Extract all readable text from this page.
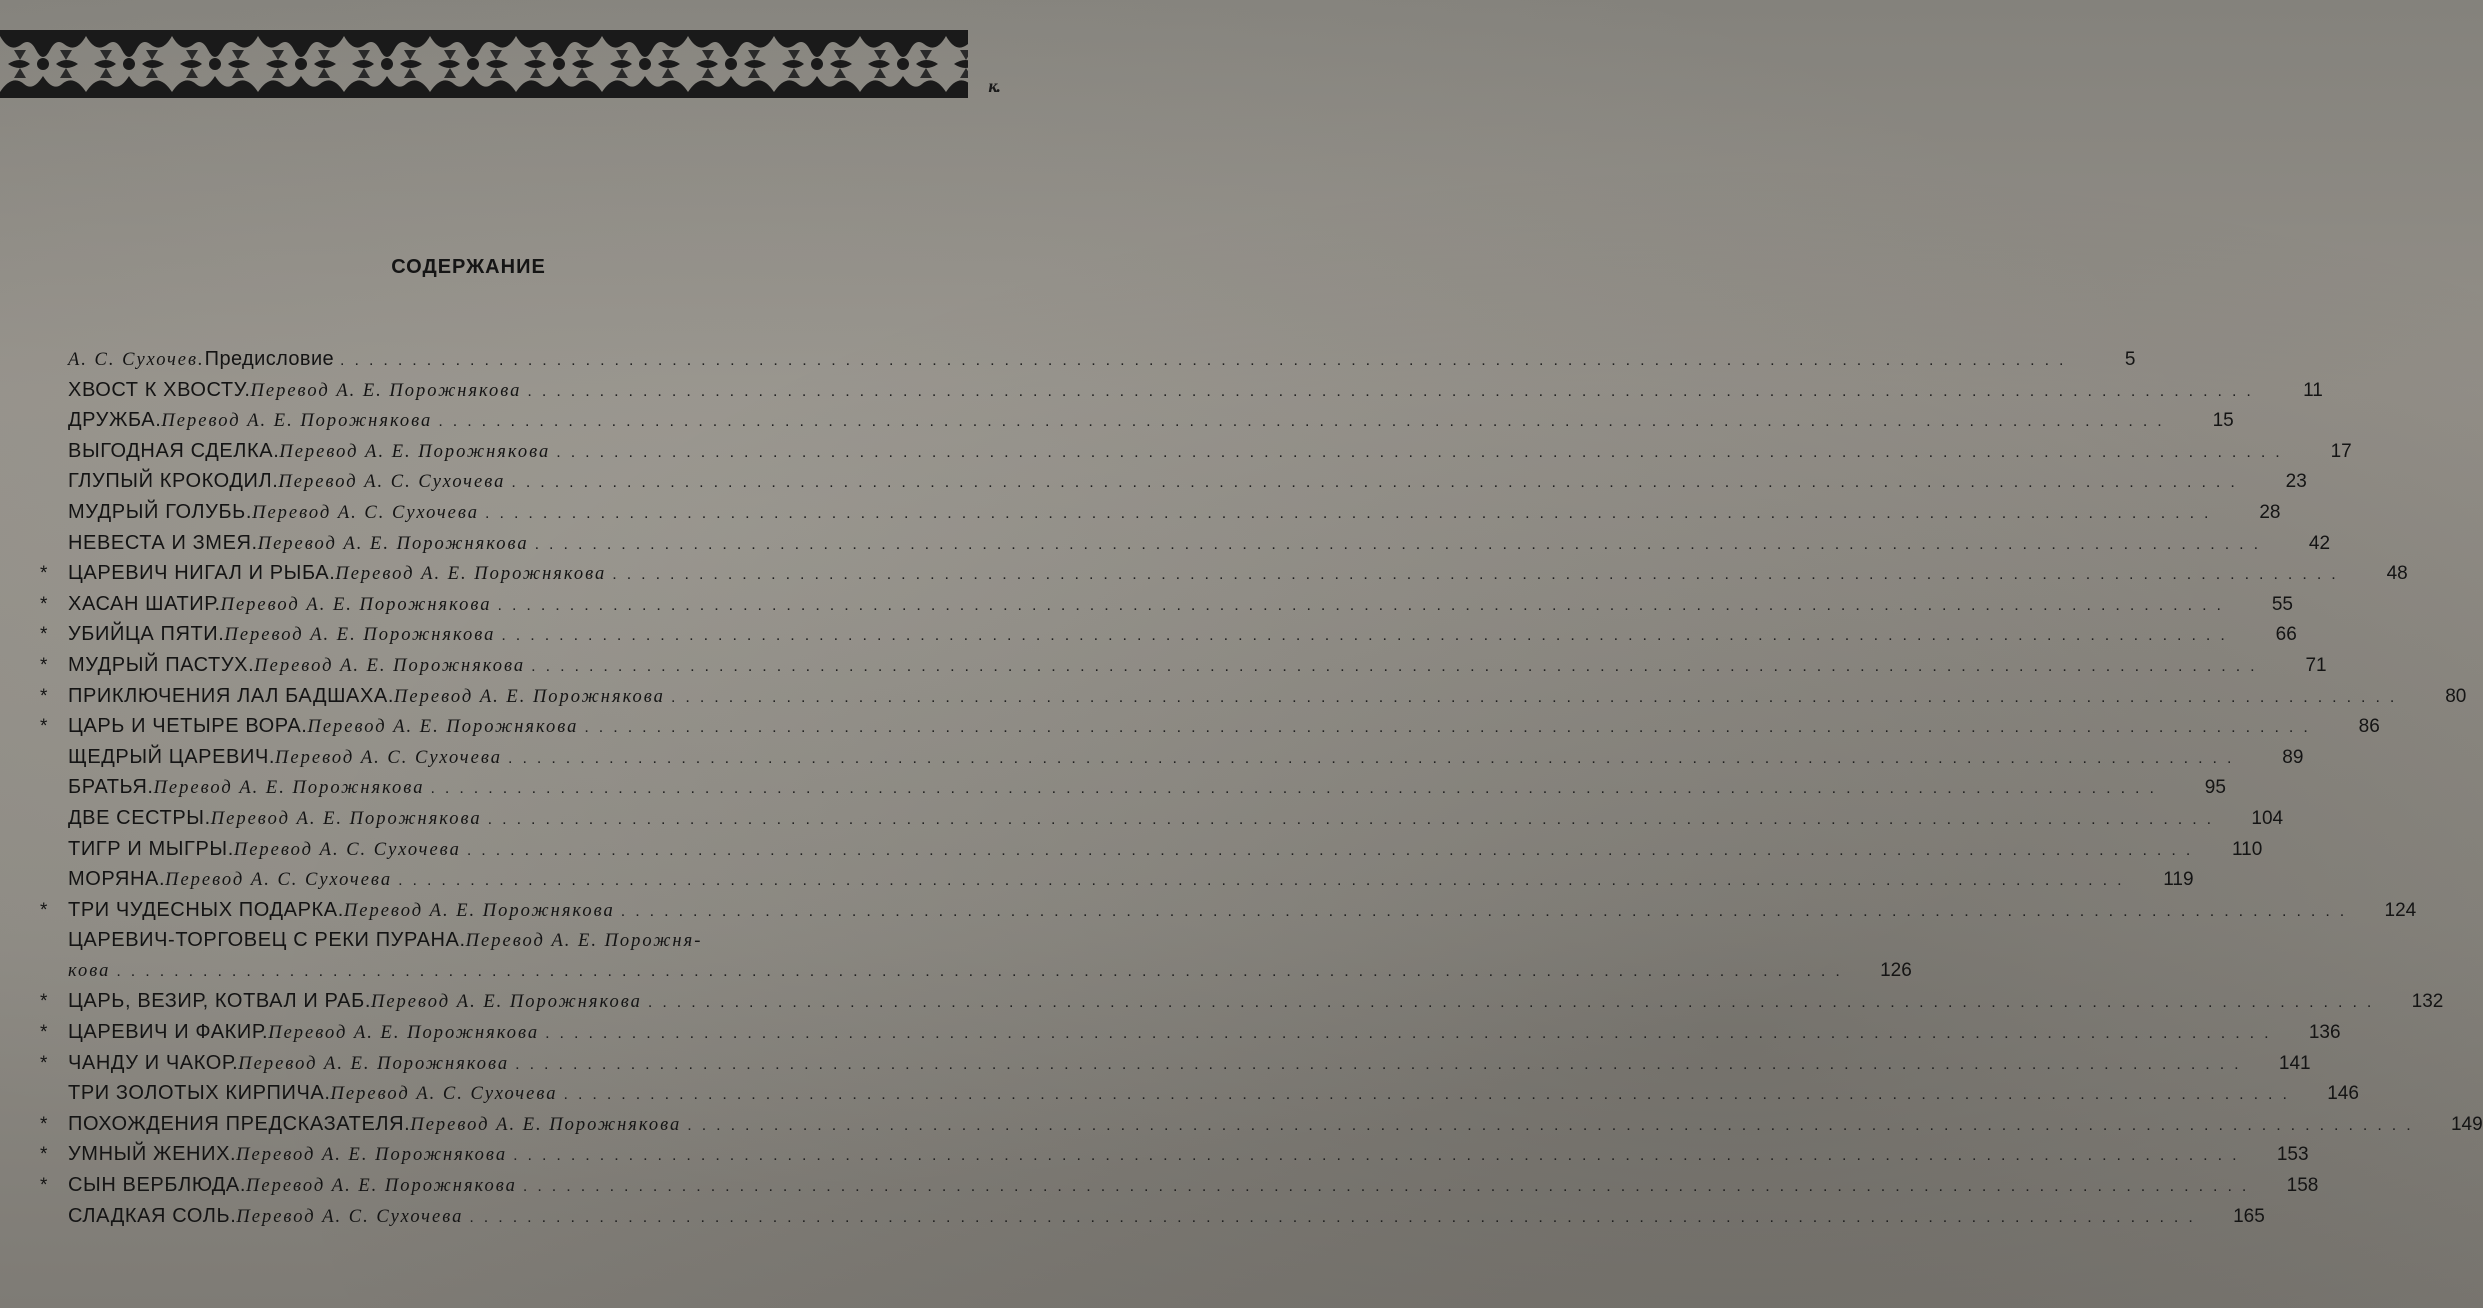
к.
СОДЕРЖАНИЕ
А. С. Сухочев. Предисловие ........................................................................................................................	5
ХВОСТ К ХВОСТУ. Перевод А. Е. Порожнякова ........................................................................................................................	11
ДРУЖБА. Перевод А. Е. Порожнякова ........................................................................................................................	15
ВЫГОДНАЯ СДЕЛКА. Перевод А. Е. Порожнякова ........................................................................................................................	17
ГЛУПЫЙ КРОКОДИЛ. Перевод А. С. Сухочева ........................................................................................................................	23
МУДРЫЙ ГОЛУБЬ. Перевод А. С. Сухочева ........................................................................................................................	28
НЕВЕСТА И ЗМЕЯ. Перевод А. Е. Порожнякова ........................................................................................................................	42
*	ЦАРЕВИЧ НИГАЛ И РЫБА. Перевод А. Е. Порожнякова ........................................................................................................................	48
*	ХАСАН ШАТИР. Перевод А. Е. Порожнякова ........................................................................................................................	55
*	УБИЙЦА ПЯТИ. Перевод А. Е. Порожнякова ........................................................................................................................	66
*	МУДРЫЙ ПАСТУХ. Перевод А. Е. Порожнякова ........................................................................................................................	71
*	ПРИКЛЮЧЕНИЯ ЛАЛ БАДШАХА. Перевод А. Е. Порожнякова ........................................................................................................................	80
*	ЦАРЬ И ЧЕТЫРЕ ВОРА. Перевод А. Е. Порожнякова ........................................................................................................................	86
ЩЕДРЫЙ ЦАРЕВИЧ. Перевод А. С. Сухочева ........................................................................................................................	89
БРАТЬЯ. Перевод А. Е. Порожнякова ........................................................................................................................	95
ДВЕ СЕСТРЫ. Перевод А. Е. Порожнякова ........................................................................................................................	104
ТИГР И МЫГРЫ. Перевод А. С. Сухочева ........................................................................................................................	110
МОРЯНА. Перевод А. С. Сухочева ........................................................................................................................	119
*	ТРИ ЧУДЕСНЫХ ПОДАРКА. Перевод А. Е. Порожнякова ........................................................................................................................	124
ЦАРЕВИЧ-ТОРГОВЕЦ С РЕКИ ПУРАНА. Перевод А. Е. Порожня-
кова ........................................................................................................................	126
*	ЦАРЬ, ВЕЗИР, КОТВАЛ И РАБ. Перевод А. Е. Порожнякова ........................................................................................................................	132
*	ЦАРЕВИЧ И ФАКИР. Перевод А. Е. Порожнякова ........................................................................................................................	136
*	ЧАНДУ И ЧАКОР. Перевод А. Е. Порожнякова ........................................................................................................................	141
ТРИ ЗОЛОТЫХ КИРПИЧА. Перевод А. С. Сухочева ........................................................................................................................	146
*	ПОХОЖДЕНИЯ ПРЕДСКАЗАТЕЛЯ. Перевод А. Е. Порожнякова ........................................................................................................................	149
*	УМНЫЙ ЖЕНИХ. Перевод А. Е. Порожнякова ........................................................................................................................	153
*	СЫН ВЕРБЛЮДА. Перевод А. Е. Порожнякова ........................................................................................................................	158
СЛАДКАЯ СОЛЬ. Перевод А. С. Сухочева ........................................................................................................................	165
